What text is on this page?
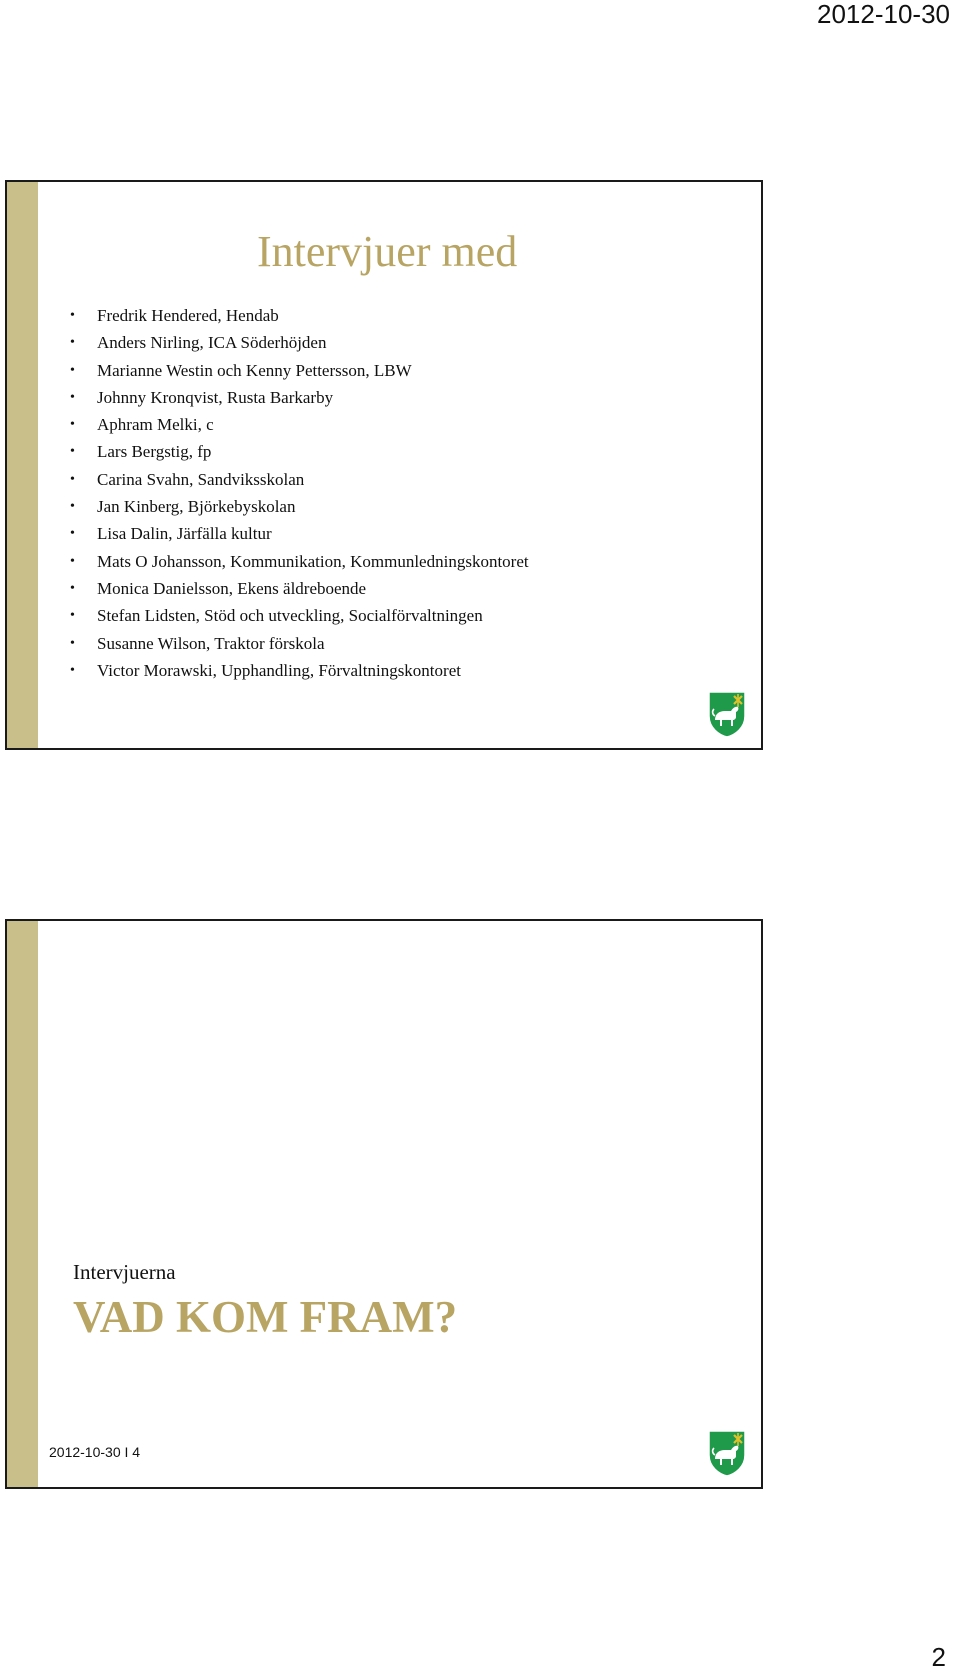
2012-10-30
Intervjuer med
• Fredrik Hendered, Hendab
• Anders Nirling, ICA Söderhöjden
• Marianne Westin och Kenny Pettersson, LBW
• Johnny Kronqvist, Rusta Barkarby
• Aphram Melki, c
• Lars Bergstig, fp
• Carina Svahn, Sandviksskolan
• Jan Kinberg, Björkebyskolan
• Lisa Dalin, Järfälla kultur
• Mats O Johansson, Kommunikation, Kommunledningskontoret
• Monica Danielsson, Ekens äldreboende
• Stefan Lidsten, Stöd och utveckling, Socialförvaltningen
• Susanne Wilson, Traktor förskola
• Victor Morawski, Upphandling, Förvaltningskontoret
Intervjuerna
VAD KOM FRAM?
2012-10-30 I 4
2
